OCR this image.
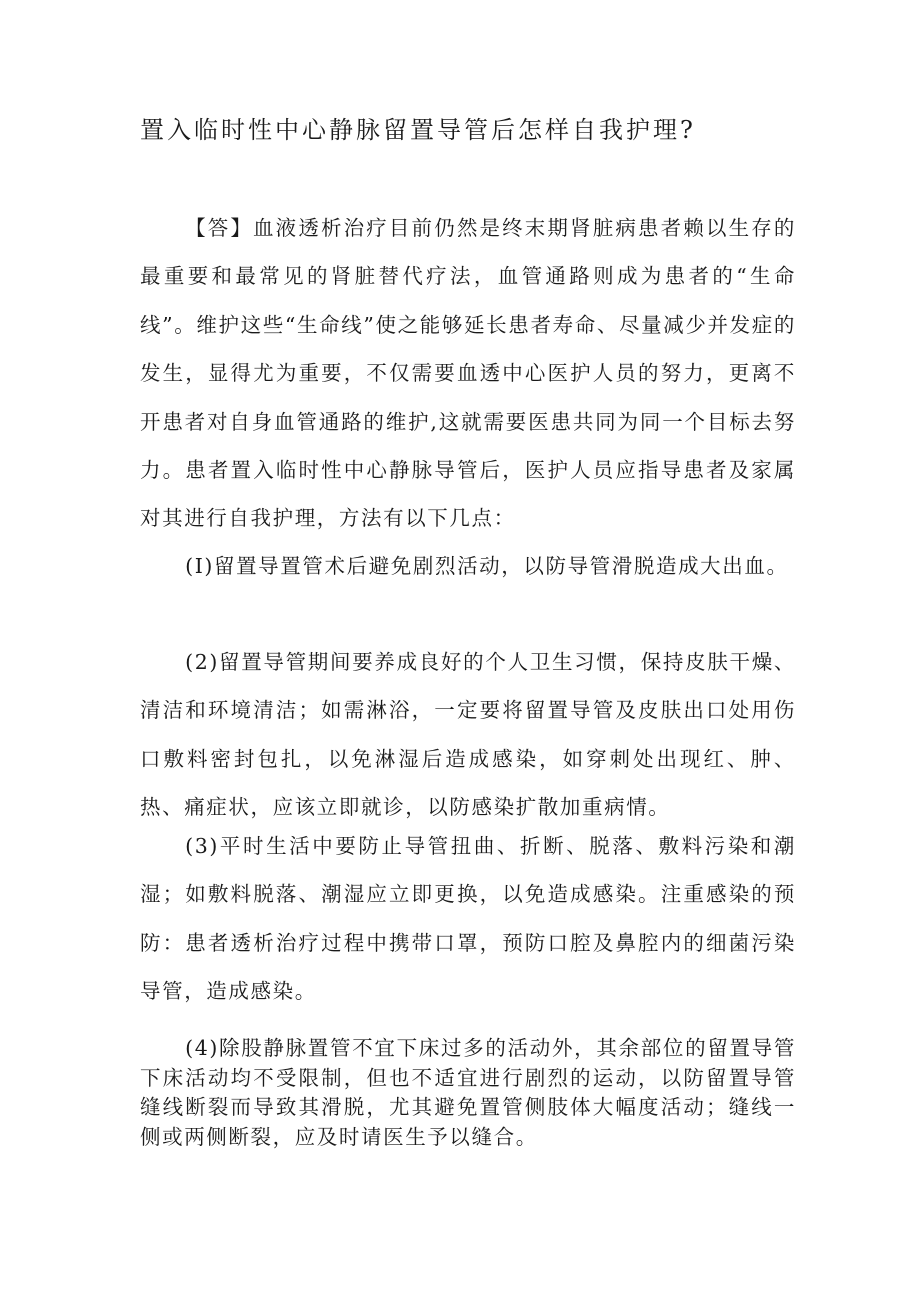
置入临时性中心静脉留置导管后怎样自我护理?
【答】血液透析治疗目前仍然是终末期肾脏病患者赖以生存的最重要和最常见的肾脏替代疗法，血管通路则成为患者的“生命线”。维护这些“生命线”使之能够延长患者寿命、尽量减少并发症的发生，显得尤为重要，不仅需要血透中心医护人员的努力，更离不开患者对自身血管通路的维护,这就需要医患共同为同一个目标去努力。患者置入临时性中心静脉导管后，医护人员应指导患者及家属对其进行自我护理，方法有以下几点：
(I)留置导置管术后避免剧烈活动，以防导管滑脱造成大出血。
(2)留置导管期间要养成良好的个人卫生习惯，保持皮肤干燥、清洁和环境清洁；如需淋浴，一定要将留置导管及皮肤出口处用伤口敷料密封包扎，以免淋湿后造成感染，如穿刺处出现红、肿、热、痛症状，应该立即就诊，以防感染扩散加重病情。
(3)平时生活中要防止导管扭曲、折断、脱落、敷料污染和潮湿；如敷料脱落、潮湿应立即更换，以免造成感染。注重感染的预防：患者透析治疗过程中携带口罩，预防口腔及鼻腔内的细菌污染导管，造成感染。
(4)除股静脉置管不宜下床过多的活动外，其余部位的留置导管下床活动均不受限制，但也不适宜进行剧烈的运动，以防留置导管缝线断裂而导致其滑脱，尤其避免置管侧肢体大幅度活动；缝线一侧或两侧断裂，应及时请医生予以缝合。
